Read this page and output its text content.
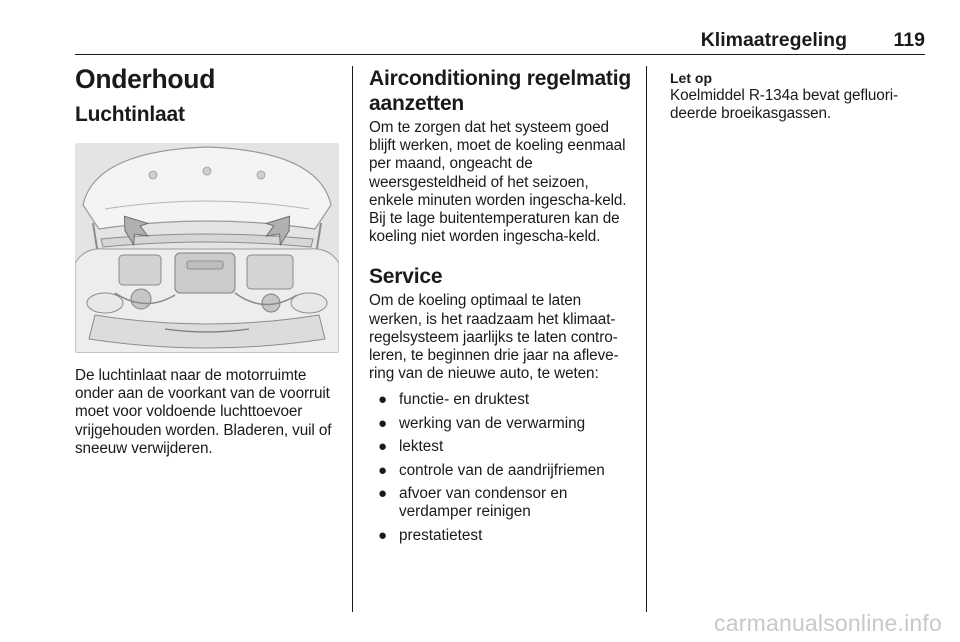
Klimaatregeling 119
Onderhoud
Luchtinlaat

De luchtinlaat naar de motorruimte onder aan de voorkant van de voorruit moet voor voldoende luchttoevoer vrijgehouden worden. Bladeren, vuil of sneeuw verwijderen.

Airconditioning regelmatig aanzetten

Om te zorgen dat het systeem goed blijft werken, moet de koeling eenmaal per maand, ongeacht de weersgesteldheid of het seizoen, enkele minuten worden ingescha-keld. Bij te lage buitentemperaturen kan de koeling niet worden ingescha-keld.

Service

Om de koeling optimaal te laten werken, is het raadzaam het klimaat-regelsysteem jaarlijks te laten contro-leren, te beginnen drie jaar na afleve-ring van de nieuwe auto, te weten:

● functie- en druktest
● werking van de verwarming
● lektest
● controle van de aandrijfriemen
● afvoer van condensor en verdamper reinigen
● prestatietest
Let op

Koelmiddel R-134a bevat gefluori-deerde broeikasgassen.

carmanualsonline.info
